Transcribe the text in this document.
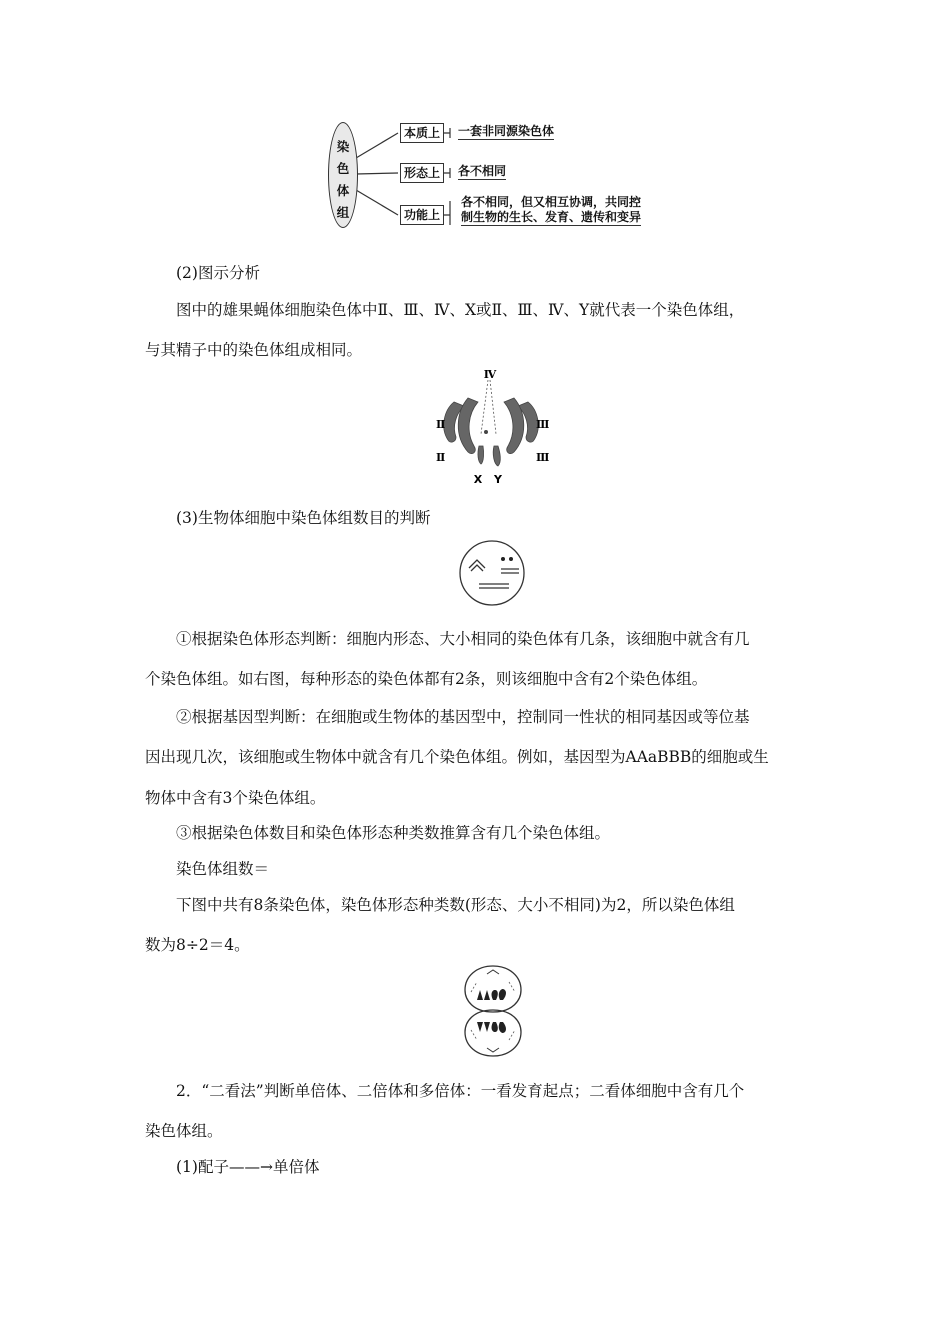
染
色
体
组
本质上	一套非同源染色体
形态上	各不相同
功能上
各不相同，但又相互协调，共同控
制生物的生长、发育、遗传和变异
(2)图示分析
图中的雄果蝇体细胞染色体中Ⅱ、Ⅲ、Ⅳ、X或Ⅱ、Ⅲ、Ⅳ、Y就代表一个染色体组，
与其精子中的染色体组成相同。
Ⅳ
Ⅱ
Ⅱ
Ⅲ
Ⅲ
X Y
(3)生物体细胞中染色体组数目的判断
①根据染色体形态判断：细胞内形态、大小相同的染色体有几条，该细胞中就含有几
个染色体组。如右图，每种形态的染色体都有2条，则该细胞中含有2个染色体组。
②根据基因型判断：在细胞或生物体的基因型中，控制同一性状的相同基因或等位基
因出现几次，该细胞或生物体中就含有几个染色体组。例如，基因型为AAaBBB的细胞或生
物体中含有3个染色体组。
③根据染色体数目和染色体形态种类数推算含有几个染色体组。
染色体组数＝
下图中共有8条染色体，染色体形态种类数(形态、大小不相同)为2，所以染色体组
数为8÷2＝4。
2．“二看法”判断单倍体、二倍体和多倍体：一看发育起点；二看体细胞中含有几个
染色体组。
(1)配子——→单倍体
